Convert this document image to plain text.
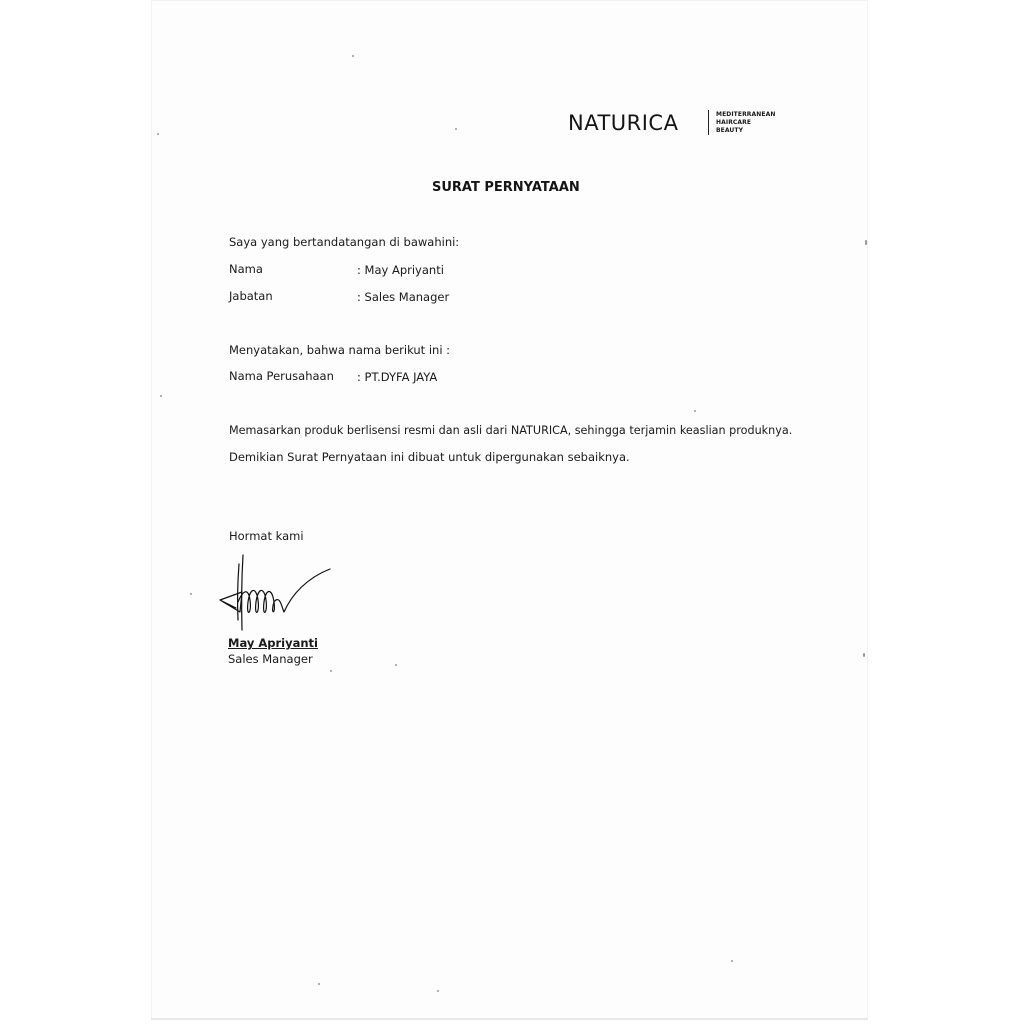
NATURICA	MEDITERRANEAN
HAIRCARE
BEAUTY
SURAT PERNYATAAN
Saya yang bertandatangan di bawahini:
Nama	: May Apriyanti
Jabatan	: Sales Manager
Menyatakan, bahwa nama berikut ini :
Nama Perusahaan : PT.DYFA JAYA
Memasarkan produk berlisensi resmi dan asli dari NATURICA, sehingga terjamin keaslian produknya.
Demikian Surat Pernyataan ini dibuat untuk dipergunakan sebaiknya.
Hormat kami
May Apriyanti
Sales Manager
